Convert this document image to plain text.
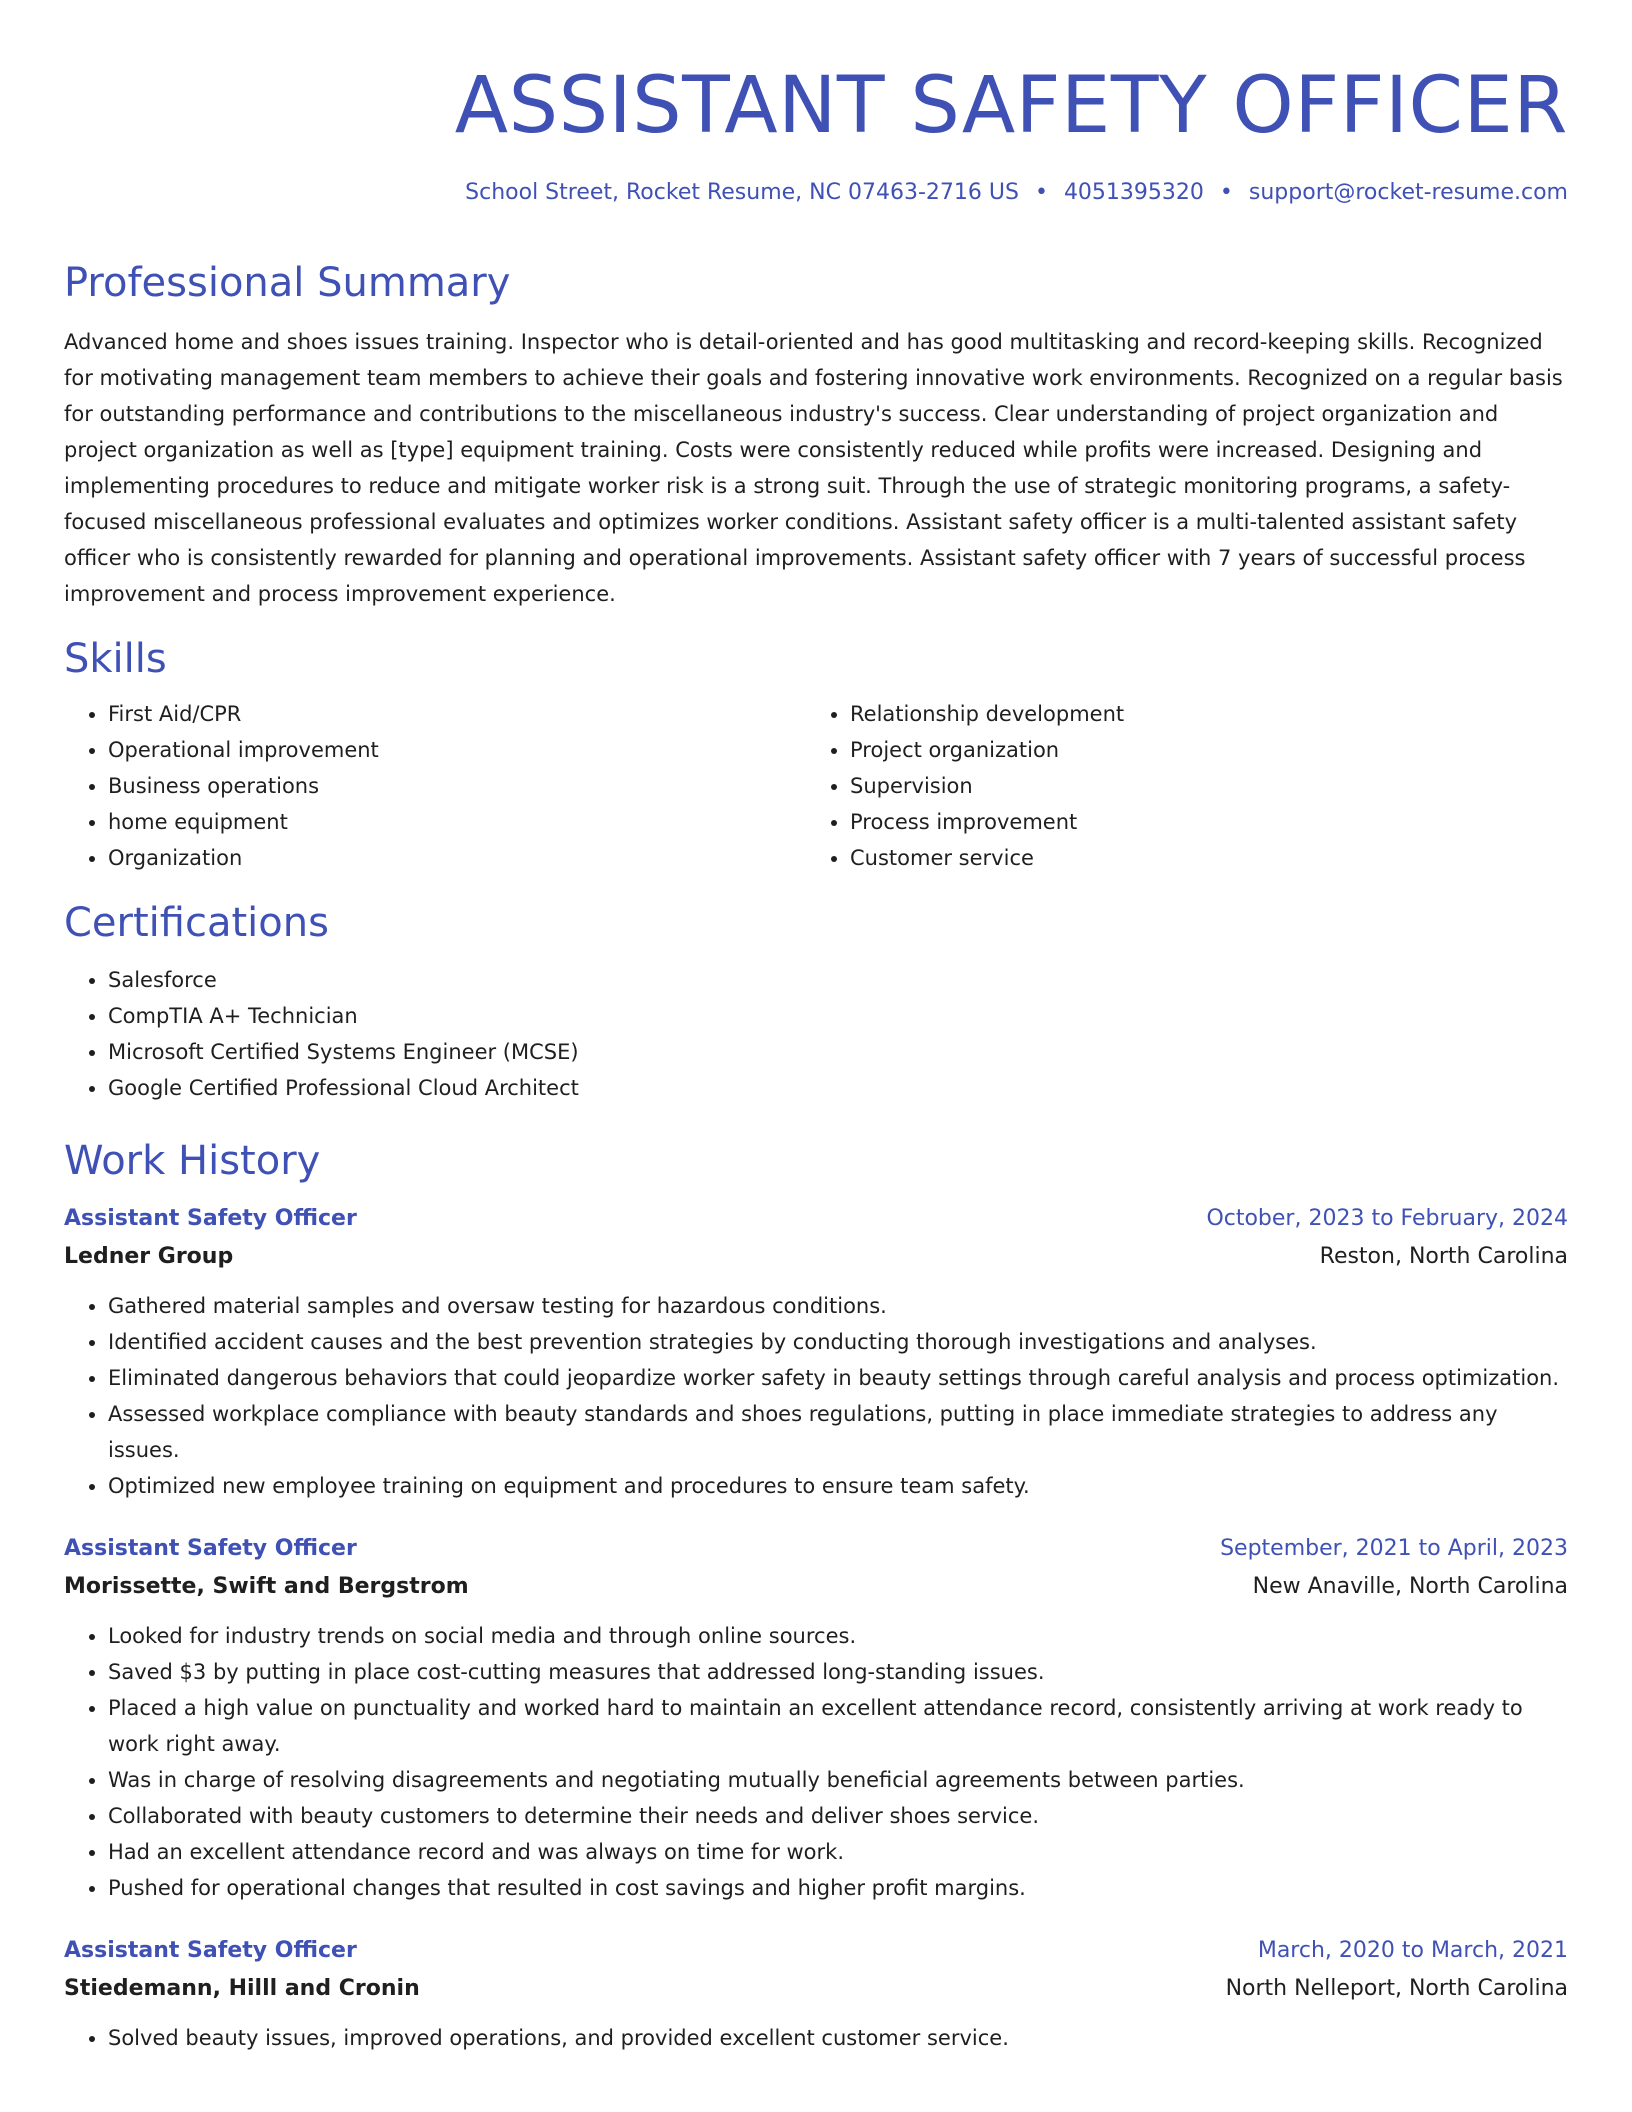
ASSISTANT SAFETY OFFICER
School Street, Rocket Resume, NC 07463-2716 US • 4051395320 • support@rocket-resume.com
Professional Summary

Advanced home and shoes issues training. Inspector who is detail-oriented and has good multitasking and record-keeping skills. Recognized for motivating management team members to achieve their goals and fostering innovative work environments. Recognized on a regular basis for outstanding performance and contributions to the miscellaneous industry's success. Clear understanding of project organization and project organization as well as [type] equipment training. Costs were consistently reduced while profits were increased. Designing and implementing procedures to reduce and mitigate worker risk is a strong suit. Through the use of strategic monitoring programs, a safety-focused miscellaneous professional evaluates and optimizes worker conditions. Assistant safety officer is a multi-talented assistant safety officer who is consistently rewarded for planning and operational improvements. Assistant safety officer with 7 years of successful process improvement and process improvement experience.

Skills
• First Aid/CPR
• Operational improvement
• Business operations
• home equipment
• Organization
• Relationship development
• Project organization
• Supervision
• Process improvement
• Customer service
Certifications
• Salesforce
• CompTIA A+ Technician
• Microsoft Certified Systems Engineer (MCSE)
• Google Certified Professional Cloud Architect
Work History
Assistant Safety Officer	October, 2023 to February, 2024
Ledner Group	Reston, North Carolina
• Gathered material samples and oversaw testing for hazardous conditions.
• Identified accident causes and the best prevention strategies by conducting thorough investigations and analyses.
• Eliminated dangerous behaviors that could jeopardize worker safety in beauty settings through careful analysis and process optimization.
• Assessed workplace compliance with beauty standards and shoes regulations, putting in place immediate strategies to address any issues.
• Optimized new employee training on equipment and procedures to ensure team safety.
Assistant Safety Officer	September, 2021 to April, 2023
Morissette, Swift and Bergstrom	New Anaville, North Carolina
• Looked for industry trends on social media and through online sources.
• Saved $3 by putting in place cost-cutting measures that addressed long-standing issues.
• Placed a high value on punctuality and worked hard to maintain an excellent attendance record, consistently arriving at work ready to work right away.
• Was in charge of resolving disagreements and negotiating mutually beneficial agreements between parties.
• Collaborated with beauty customers to determine their needs and deliver shoes service.
• Had an excellent attendance record and was always on time for work.
• Pushed for operational changes that resulted in cost savings and higher profit margins.
Assistant Safety Officer	March, 2020 to March, 2021
Stiedemann, Hilll and Cronin	North Nelleport, North Carolina
• Solved beauty issues, improved operations, and provided excellent customer service.
